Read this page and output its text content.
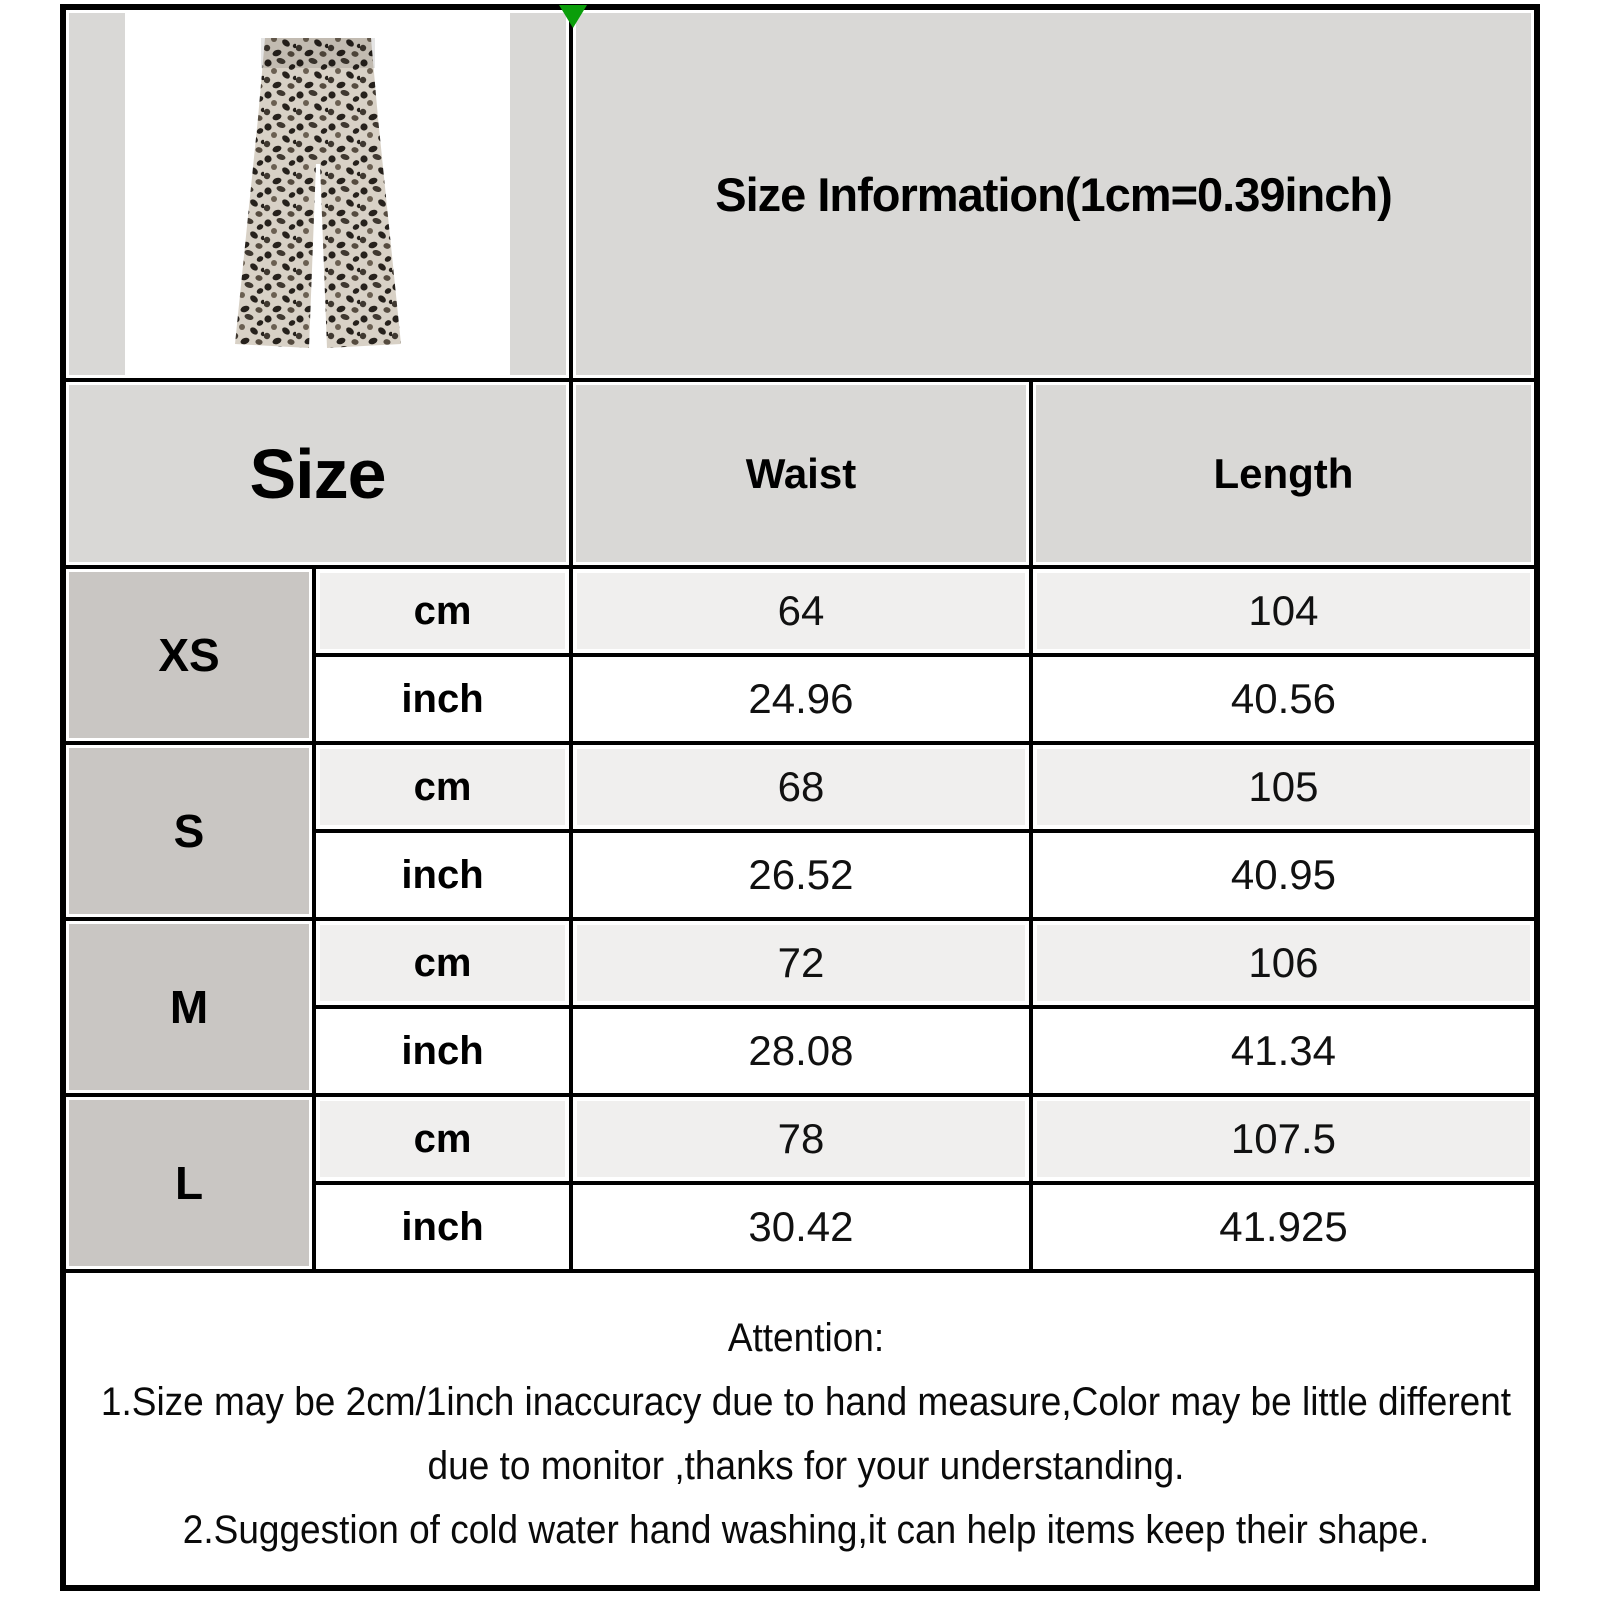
Size Information(1cm=0.39inch)	

Size		Waist	Length
XS	cm	64	104
	inch	24.96	40.56
S	cm	68	105
	inch	26.52	40.95
M	cm	72	106
	inch	28.08	41.34
L	cm	78	107.5
	inch	30.42	41.925

Attention:

1.Size may be 2cm/1inch inaccuracy due to hand measure,Color may be little different due to monitor ,thanks for your understanding.

2.Suggestion of cold water hand washing,it can help items keep their shape.			
